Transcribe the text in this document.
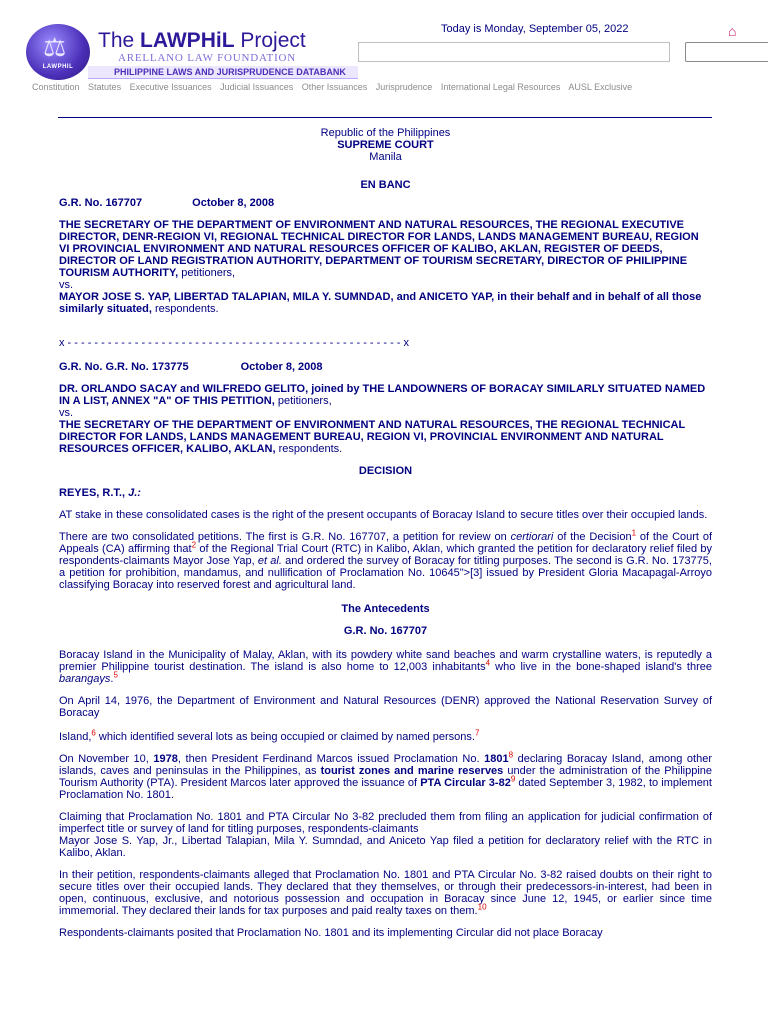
⚖
LAWPHIL
The LAWPHiL Project
ARELLANO LAW FOUNDATION
PHILIPPINE LAWS AND JURISPRUDENCE DATABANK
Today is Monday, September 05, 2022	⌂
Constitution Statutes Executive Issuances Judicial Issuances Other Issuances Jurisprudence International Legal Resources AUSL Exclusive

Republic of the Philippines

SUPREME COURT

Manila

EN BANC

G.R. No. 167707	October 8, 2008

THE SECRETARY OF THE DEPARTMENT OF ENVIRONMENT AND NATURAL RESOURCES, THE REGIONAL EXECUTIVE DIRECTOR, DENR-REGION VI, REGIONAL TECHNICAL DIRECTOR FOR LANDS, LANDS MANAGEMENT BUREAU, REGION VI PROVINCIAL ENVIRONMENT AND NATURAL RESOURCES OFFICER OF KALIBO, AKLAN, REGISTER OF DEEDS, DIRECTOR OF LAND REGISTRATION AUTHORITY, DEPARTMENT OF TOURISM SECRETARY, DIRECTOR OF PHILIPPINE TOURISM AUTHORITY, petitioners,

vs.

MAYOR JOSE S. YAP, LIBERTAD TALAPIAN, MILA Y. SUMNDAD, and ANICETO YAP, in their behalf and in behalf of all those similarly situated, respondents.

x - - - - - - - - - - - - - - - - - - - - - - - - - - - - - - - - - - - - - - - - - - - - - - - - - - x

G.R. No. G.R. No. 173775	October 8, 2008

DR. ORLANDO SACAY and WILFREDO GELITO, joined by THE LANDOWNERS OF BORACAY SIMILARLY SITUATED NAMED IN A LIST, ANNEX "A" OF THIS PETITION, petitioners,

vs.

THE SECRETARY OF THE DEPARTMENT OF ENVIRONMENT AND NATURAL RESOURCES, THE REGIONAL TECHNICAL DIRECTOR FOR LANDS, LANDS MANAGEMENT BUREAU, REGION VI, PROVINCIAL ENVIRONMENT AND NATURAL RESOURCES OFFICER, KALIBO, AKLAN, respondents.

DECISION

REYES, R.T., J.:

AT stake in these consolidated cases is the right of the present occupants of Boracay Island to secure titles over their occupied lands.

There are two consolidated petitions. The first is G.R. No. 167707, a petition for review on certiorari of the Decision$^1$ of the Court of Appeals (CA) affirming that$^2$ of the Regional Trial Court (RTC) in Kalibo, Aklan, which granted the petition for declaratory relief filed by respondents-claimants Mayor Jose Yap, et al. and ordered the survey of Boracay for titling purposes. The second is G.R. No. 173775, a petition for prohibition, mandamus, and nullification of Proclamation No. 10645">[3] issued by President Gloria Macapagal-Arroyo classifying Boracay into reserved forest and agricultural land.

The Antecedents

G.R. No. 167707

Boracay Island in the Municipality of Malay, Aklan, with its powdery white sand beaches and warm crystalline waters, is reputedly a premier Philippine tourist destination. The island is also home to 12,003 inhabitants$^4$ who live in the bone-shaped island's three barangays.$^5$

On April 14, 1976, the Department of Environment and Natural Resources (DENR) approved the National Reservation Survey of Boracay

Island,$^6$ which identified several lots as being occupied or claimed by named persons.$^7$

On November 10, 1978, then President Ferdinand Marcos issued Proclamation No. 1801$^8$ declaring Boracay Island, among other islands, caves and peninsulas in the Philippines, as tourist zones and marine reserves under the administration of the Philippine Tourism Authority (PTA). President Marcos later approved the issuance of PTA Circular $3-82^9$ dated September 3, 1982, to implement Proclamation No. 1801.

Claiming that Proclamation No. 1801 and PTA Circular No 3-82 precluded them from filing an application for judicial confirmation of imperfect title or survey of land for titling purposes, respondents-claimants

Mayor Jose S. Yap, Jr., Libertad Talapian, Mila Y. Sumndad, and Aniceto Yap filed a petition for declaratory relief with the RTC in Kalibo, Aklan.

In their petition, respondents-claimants alleged that Proclamation No. 1801 and PTA Circular No. 3-82 raised doubts on their right to secure titles over their occupied lands. They declared that they themselves, or through their predecessors-in-interest, had been in open, continuous, exclusive, and notorious possession and occupation in Boracay since June 12, 1945, or earlier since time immemorial. They declared their lands for tax purposes and paid realty taxes on them.$^{10}$

Respondents-claimants posited that Proclamation No. 1801 and its implementing Circular did not place Boracay
